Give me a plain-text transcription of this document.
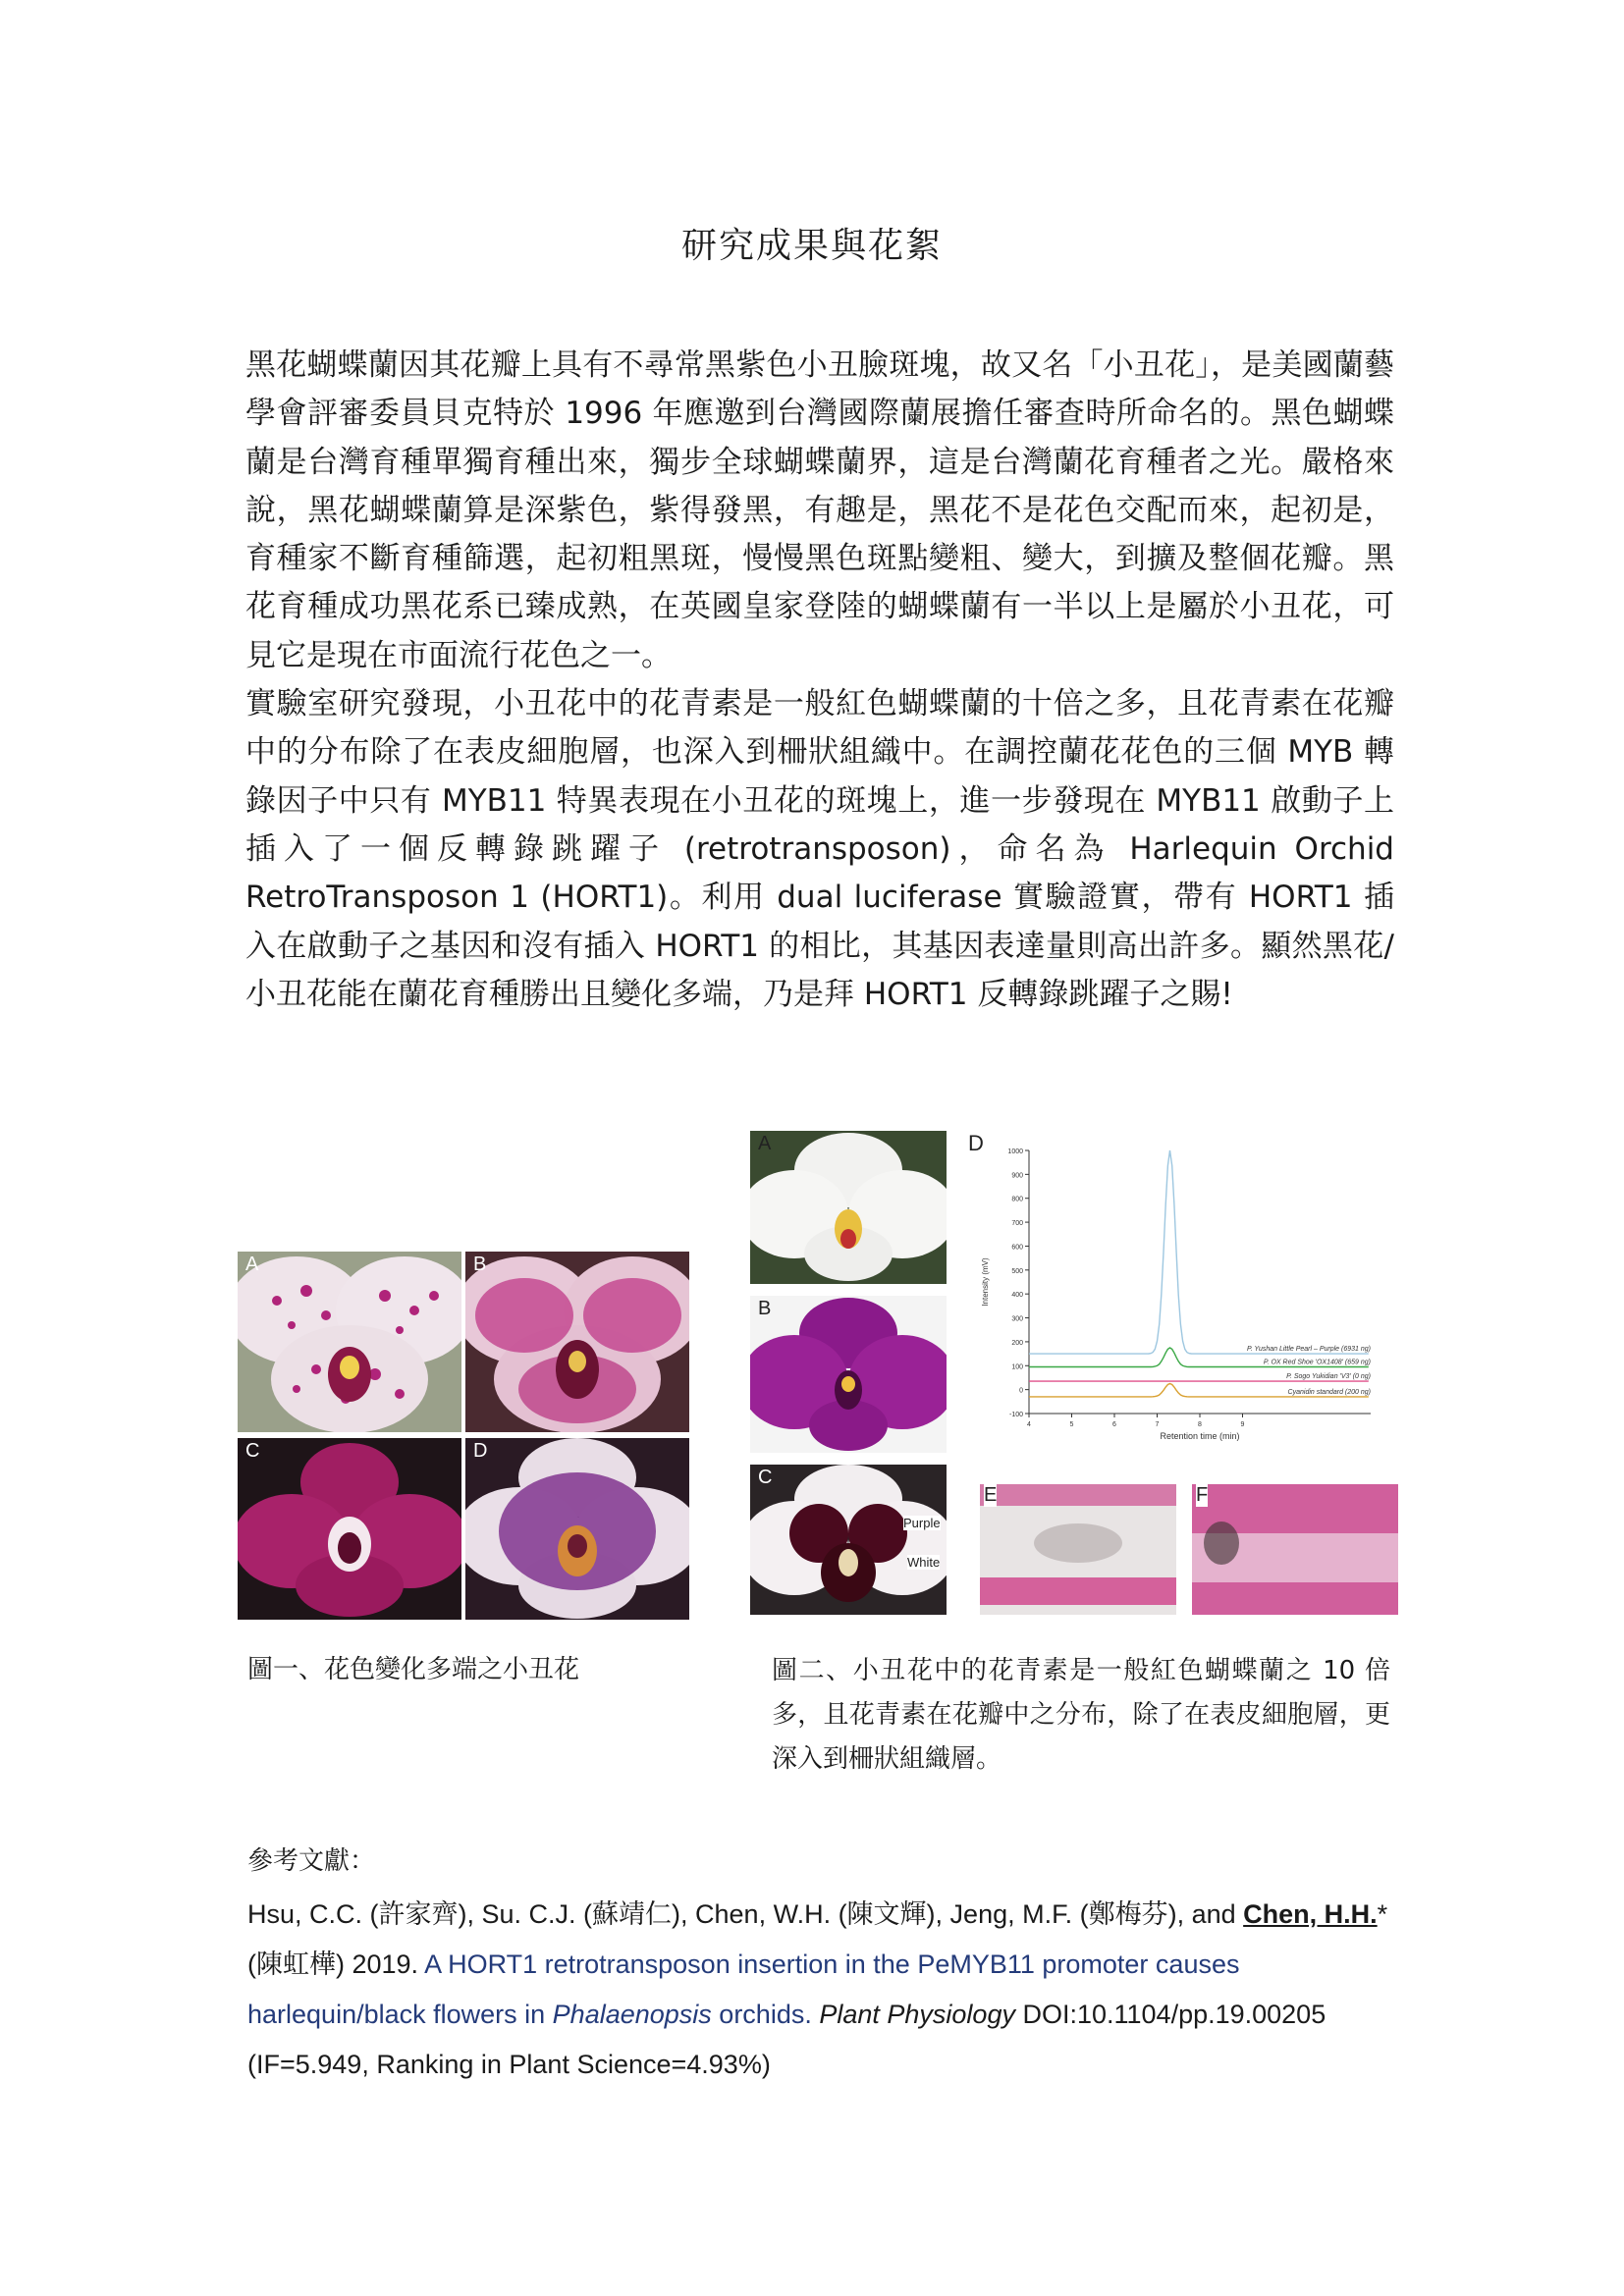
研究成果與花絮

黑花蝴蝶蘭因其花瓣上具有不尋常黑紫色小丑臉斑塊，故又名「小丑花」，是美國蘭藝學會評審委員貝克特於 1996 年應邀到台灣國際蘭展擔任審查時所命名的。黑色蝴蝶蘭是台灣育種單獨育種出來，獨步全球蝴蝶蘭界，這是台灣蘭花育種者之光。嚴格來說，黑花蝴蝶蘭算是深紫色，紫得發黑，有趣是，黑花不是花色交配而來，起初是，育種家不斷育種篩選，起初粗黑斑，慢慢黑色斑點變粗、變大，到擴及整個花瓣。黑花育種成功黑花系已臻成熟，在英國皇家登陸的蝴蝶蘭有一半以上是屬於小丑花，可見它是現在市面流行花色之一。

實驗室研究發現，小丑花中的花青素是一般紅色蝴蝶蘭的十倍之多，且花青素在花瓣中的分布除了在表皮細胞層，也深入到柵狀組織中。在調控蘭花花色的三個 MYB 轉錄因子中只有 MYB11 特異表現在小丑花的斑塊上，進一步發現在 MYB11 啟動子上插入了一個反轉錄跳躍子 (retrotransposon)，命名為 Harlequin Orchid RetroTransposon 1 (HORT1)。利用 dual luciferase 實驗證實，帶有 HORT1 插入在啟動子之基因和沒有插入 HORT1 的相比，其基因表達量則高出許多。顯然黑花/小丑花能在蘭花育種勝出且變化多端，乃是拜 HORT1 反轉錄跳躍子之賜!

A	B
C	D
A
B
C
Purple
White
D	1000
900
800
700
600
500
400
300
200
100
0
-100
4	5	6	7	8	9
Intensity (mV)
Retention time (min)
P. Yushan Little Pearl – Purple (6931 ng)
P. OX Red Shoe 'OX1408' (659 ng)
P. Sogo Yukidian 'V3' (0 ng)
Cyanidin standard (200 ng)
E	F
圖一、花色變化多端之小丑花	圖二、小丑花中的花青素是一般紅色蝴蝶蘭之 10 倍多，且花青素在花瓣中之分布，除了在表皮細胞層，更深入到柵狀組織層。
參考文獻：
Hsu, C.C. (許家齊), Su. C.J. (蘇靖仁), Chen, W.H. (陳文輝), Jeng, M.F. (鄭梅芬), and Chen, H.H.* (陳虹樺) 2019. A HORT1 retrotransposon insertion in the PeMYB11 promoter causes harlequin/black flowers in Phalaenopsis orchids. Plant Physiology DOI:10.1104/pp.19.00205
(IF=5.949, Ranking in Plant Science=4.93%)
